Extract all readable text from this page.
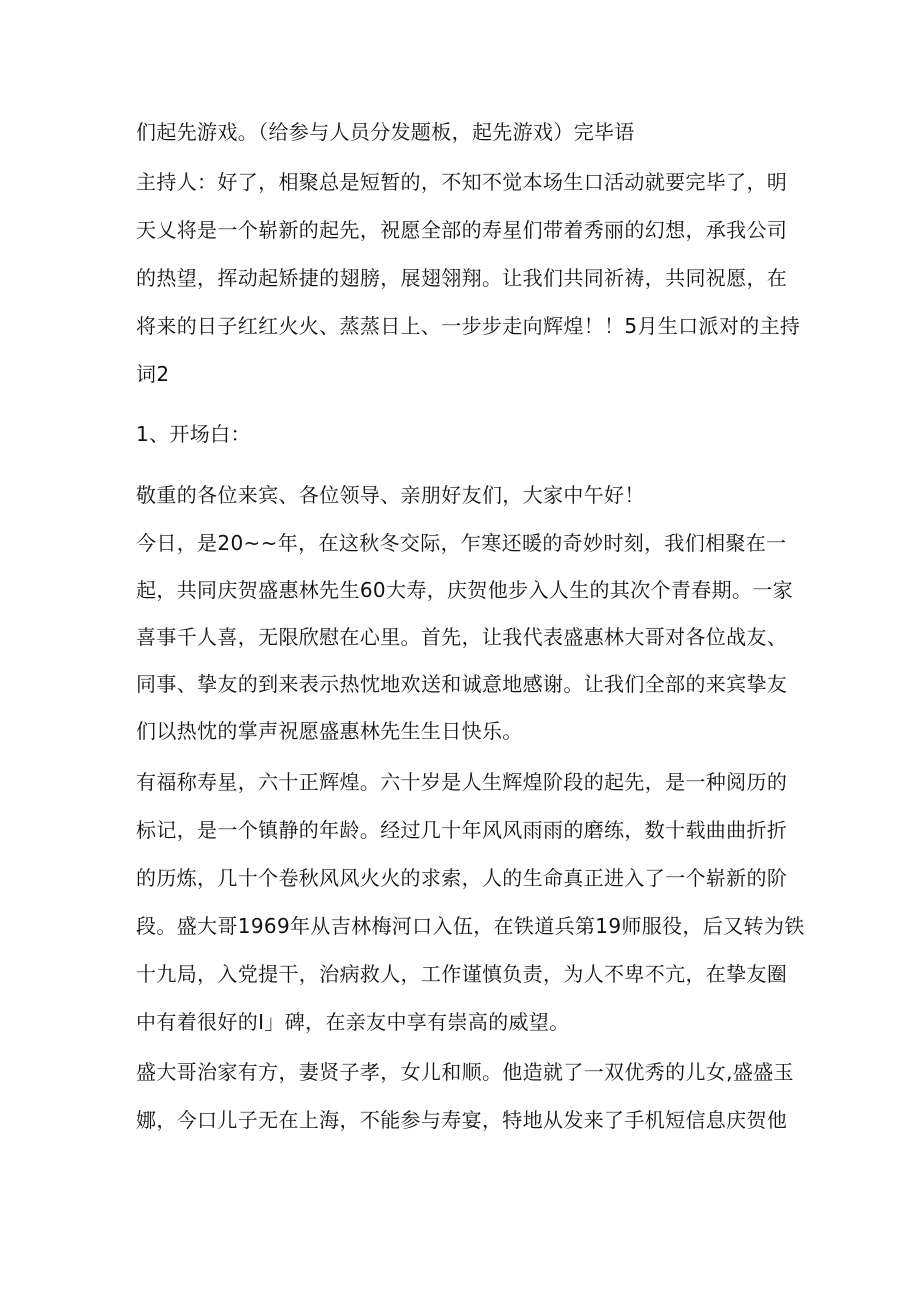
们起先游戏。（给参与人员分发题板，起先游戏）完毕语
主持人：好了，相聚总是短暂的，不知不觉本场生口活动就要完毕了，明
天乂将是一个崭新的起先，祝愿全部的寿星们带着秀丽的幻想，承我公司
的热望，挥动起矫捷的翅膀，展翅翎翔。让我们共同祈祷，共同祝愿，在
将来的日子红红火火、蒸蒸日上、一步步走向辉煌！！5月生口派对的主持
词2
1、开场白：
敬重的各位来宾、各位领导、亲朋好友们，大家中午好！
今日，是20~~年，在这秋冬交际，乍寒还暖的奇妙时刻，我们相聚在一
起，共同庆贺盛惠林先生60大寿，庆贺他步入人生的其次个青春期。一家
喜事千人喜，无限欣慰在心里。首先，让我代表盛惠林大哥对各位战友、
同事、挚友的到来表示热忱地欢送和诚意地感谢。让我们全部的来宾挚友
们以热忱的掌声祝愿盛惠林先生生日快乐。
有福称寿星，六十正辉煌。六十岁是人生辉煌阶段的起先，是一种阅历的
标记，是一个镇静的年龄。经过几十年风风雨雨的磨练，数十载曲曲折折
的历炼，几十个卷秋风风火火的求索，人的生命真正进入了一个崭新的阶
段。盛大哥1969年从吉林梅河口入伍，在铁道兵第19师服役，后又转为铁
十九局，入党提干，治病救人，工作谨慎负责，为人不卑不亢，在挚友圈
中有着很好的I」碑，在亲友中享有崇高的威望。
盛大哥治家有方，妻贤子孝，女儿和顺。他造就了一双优秀的儿女,盛盛玉
娜，今口儿子无在上海，不能参与寿宴，特地从发来了手机短信息庆贺他
